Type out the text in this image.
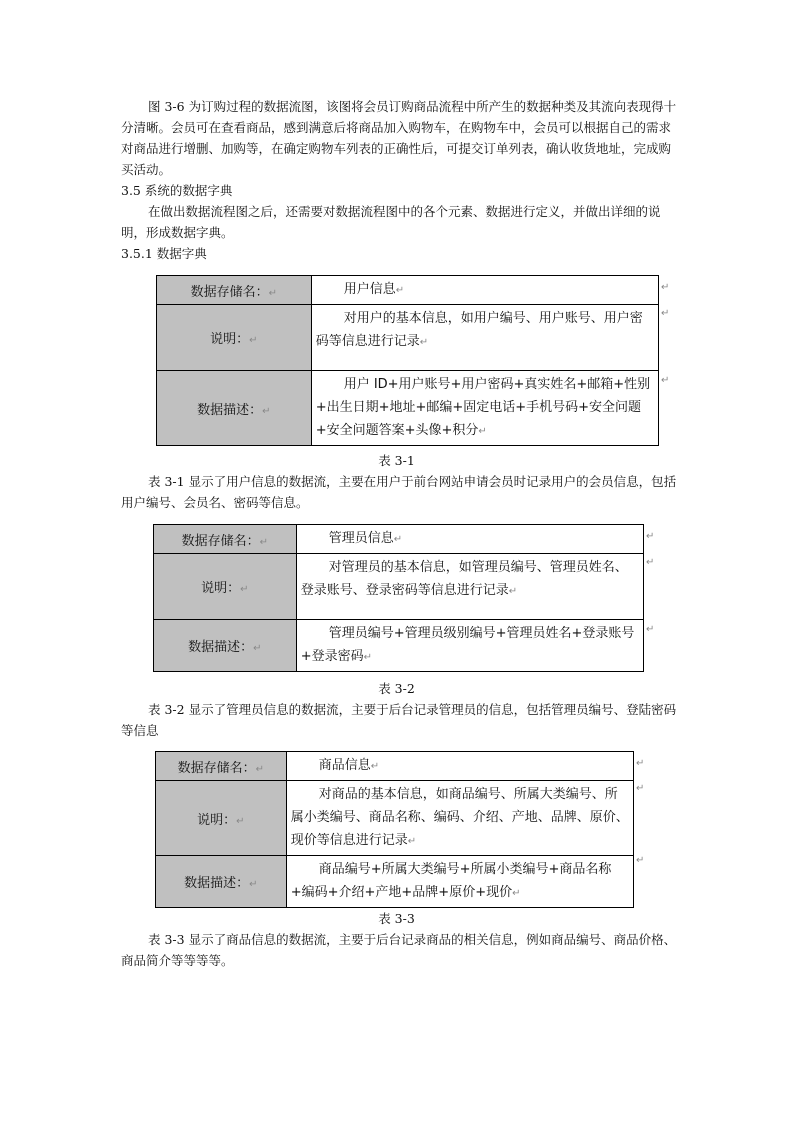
图 3-6 为订购过程的数据流图，该图将会员订购商品流程中所产生的数据种类及其流向表现得十分清晰。会员可在查看商品，感到满意后将商品加入购物车，在购物车中，会员可以根据自己的需求对商品进行增删、加购等，在确定购物车列表的正确性后，可提交订单列表，确认收货地址，完成购买活动。

3.5 系统的数据字典

在做出数据流程图之后，还需要对数据流程图中的各个元素、数据进行定义，并做出详细的说明，形成数据字典。

3.5.1 数据字典

数据存储名：↵	用户信息↵
说明：↵	对用户的基本信息，如用户编号、用户账号、用户密码等信息进行记录↵
数据描述：↵	用户 ID+用户账号+用户密码+真实姓名+邮箱+性别+出生日期+地址+邮编+固定电话+手机号码+安全问题+安全问题答案+头像+积分↵
↵
↵
↵
表 3-1

表 3-1 显示了用户信息的数据流，主要在用户于前台网站申请会员时记录用户的会员信息，包括用户编号、会员名、密码等信息。

数据存储名：↵	管理员信息↵
说明：↵	对管理员的基本信息，如管理员编号、管理员姓名、登录账号、登录密码等信息进行记录↵
数据描述：↵	管理员编号+管理员级别编号+管理员姓名+登录账号+登录密码↵
↵
↵
↵
表 3-2

表 3-2 显示了管理员信息的数据流，主要于后台记录管理员的信息，包括管理员编号、登陆密码等信息

数据存储名：↵	商品信息↵
说明：↵	对商品的基本信息，如商品编号、所属大类编号、所属小类编号、商品名称、编码、介绍、产地、品牌、原价、现价等信息进行记录↵
数据描述：↵	商品编号+所属大类编号+所属小类编号+商品名称+编码+介绍+产地+品牌+原价+现价↵
↵
↵
↵
表 3-3

表 3-3 显示了商品信息的数据流，主要于后台记录商品的相关信息，例如商品编号、商品价格、商品简介等等等等。
